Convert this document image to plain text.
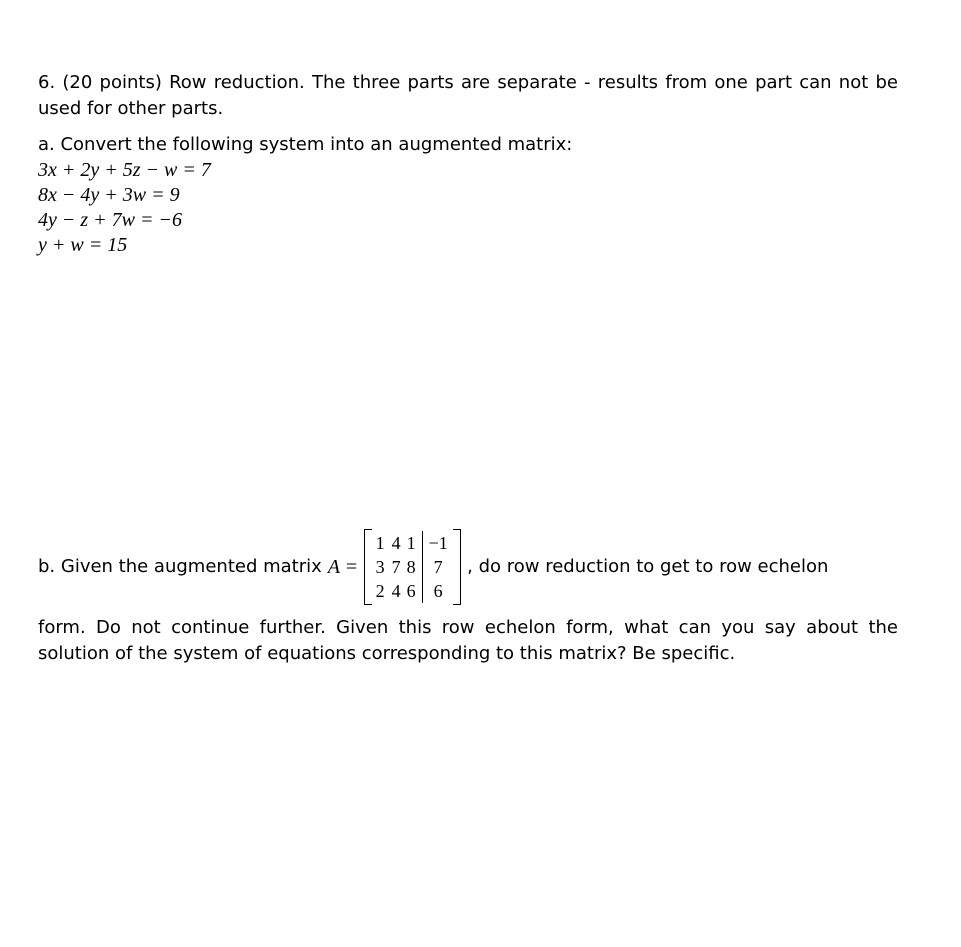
6. (20 points) Row reduction. The three parts are separate - results from one part can not be used for other parts.

a. Convert the following system into an augmented matrix:

3x + 2y + 5z − w = 7
8x − 4y + 3w = 9
4y − z + 7w = −6
y + w = 15
b. Given the augmented matrix A =
1 4 1 −1
3 7 8	7
2 4 6	6
, do row reduction to get to row echelon

form. Do not continue further. Given this row echelon form, what can you say about the solution of the system of equations corresponding to this matrix? Be specific.
